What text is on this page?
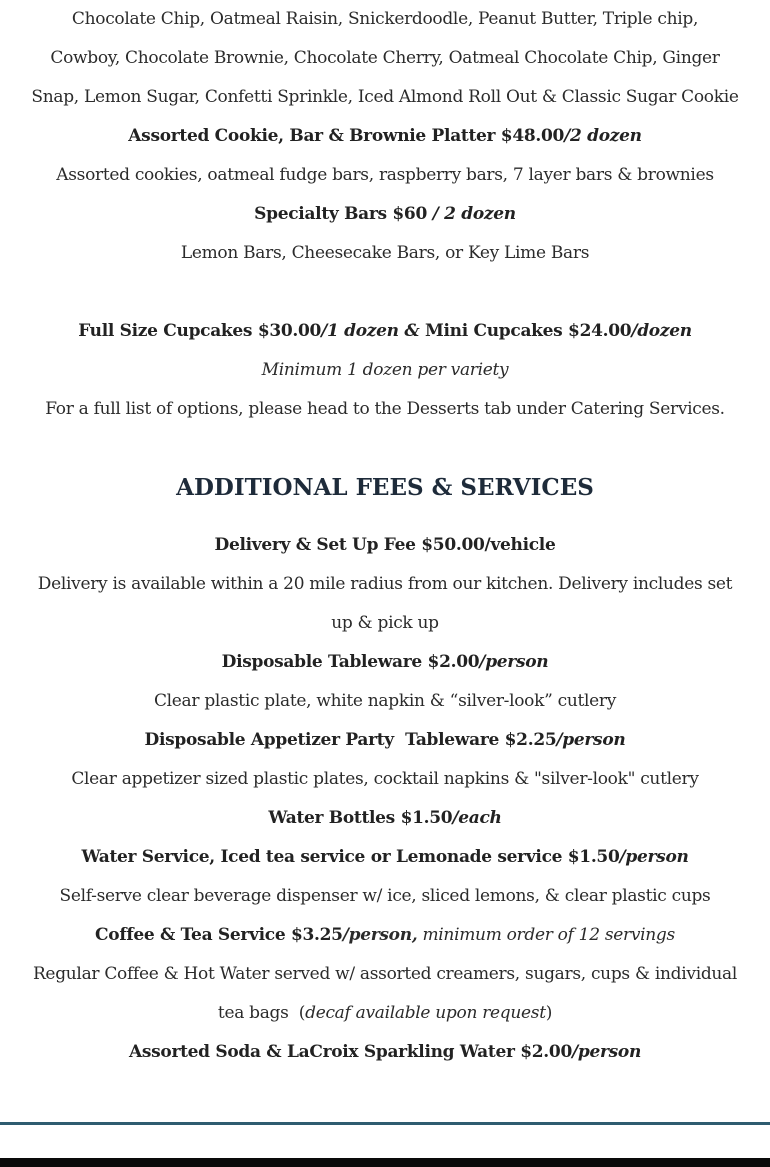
Chocolate Chip, Oatmeal Raisin, Snickerdoodle, Peanut Butter, Triple chip,

Cowboy, Chocolate Brownie, Chocolate Cherry, Oatmeal Chocolate Chip, Ginger

Snap, Lemon Sugar, Confetti Sprinkle, Iced Almond Roll Out & Classic Sugar Cookie

Assorted Cookie, Bar & Brownie Platter $48.00/2 dozen

Assorted cookies, oatmeal fudge bars, raspberry bars, 7 layer bars & brownies

Specialty Bars $60 / 2 dozen

Lemon Bars, Cheesecake Bars, or Key Lime Bars

Full Size Cupcakes $30.00/1 dozen & Mini Cupcakes $24.00/dozen

Minimum 1 dozen per variety

For a full list of options, please head to the Desserts tab under Catering Services.

ADDITIONAL FEES & SERVICES

Delivery & Set Up Fee $50.00/vehicle

Delivery is available within a 20 mile radius from our kitchen. Delivery includes set

up & pick up

Disposable Tableware $2.00/person

Clear plastic plate, white napkin & “silver-look” cutlery

Disposable Appetizer Party  Tableware $2.25/person

Clear appetizer sized plastic plates, cocktail napkins & "silver-look" cutlery

Water Bottles $1.50/each

Water Service, Iced tea service or Lemonade service $1.50/person

Self-serve clear beverage dispenser w/ ice, sliced lemons, & clear plastic cups

Coffee & Tea Service $3.25/person, minimum order of 12 servings

Regular Coffee & Hot Water served w/ assorted creamers, sugars, cups & individual

tea bags  (decaf available upon request)

Assorted Soda & LaCroix Sparkling Water $2.00/person
